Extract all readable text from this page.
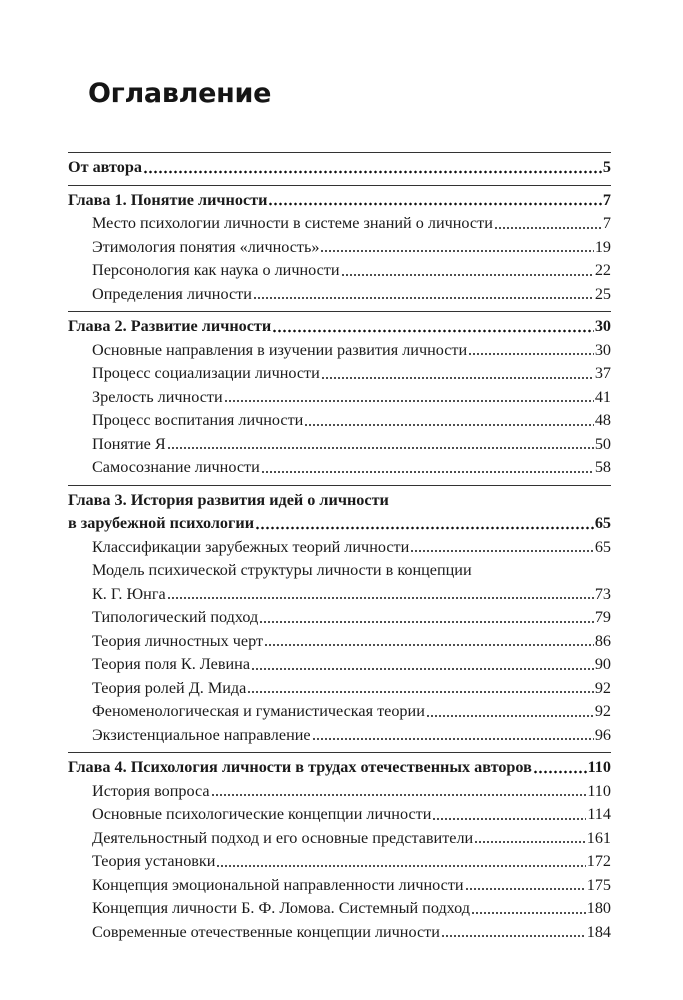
Оглавление
От автора	5
Глава 1. Понятие личности	7
Место психологии личности в системе знаний о личности	7
Этимология понятия «личность»	19
Персонология как наука о личности	22
Определения личности	25
Глава 2. Развитие личности	30
Основные направления в изучении развития личности	30
Процесс социализации личности	37
Зрелость личности	41
Процесс воспитания личности	48
Понятие Я	50
Самосознание личности	58
Глава 3. История развития идей о личности
в зарубежной психологии	65
Классификации зарубежных теорий личности	65
Модель психической структуры личности в концепции
К. Г. Юнга	73
Типологический подход	79
Теория личностных черт	86
Теория поля К. Левина	90
Теория ролей Д. Мида	92
Феноменологическая и гуманистическая теории	92
Экзистенциальное направление	96
Глава 4. Психология личности в трудах отечественных авторов	110
История вопроса	110
Основные психологические концепции личности	114
Деятельностный подход и его основные представители	161
Теория установки	172
Концепция эмоциональной направленности личности	175
Концепция личности Б. Ф. Ломова. Системный подход	180
Современные отечественные концепции личности	184
